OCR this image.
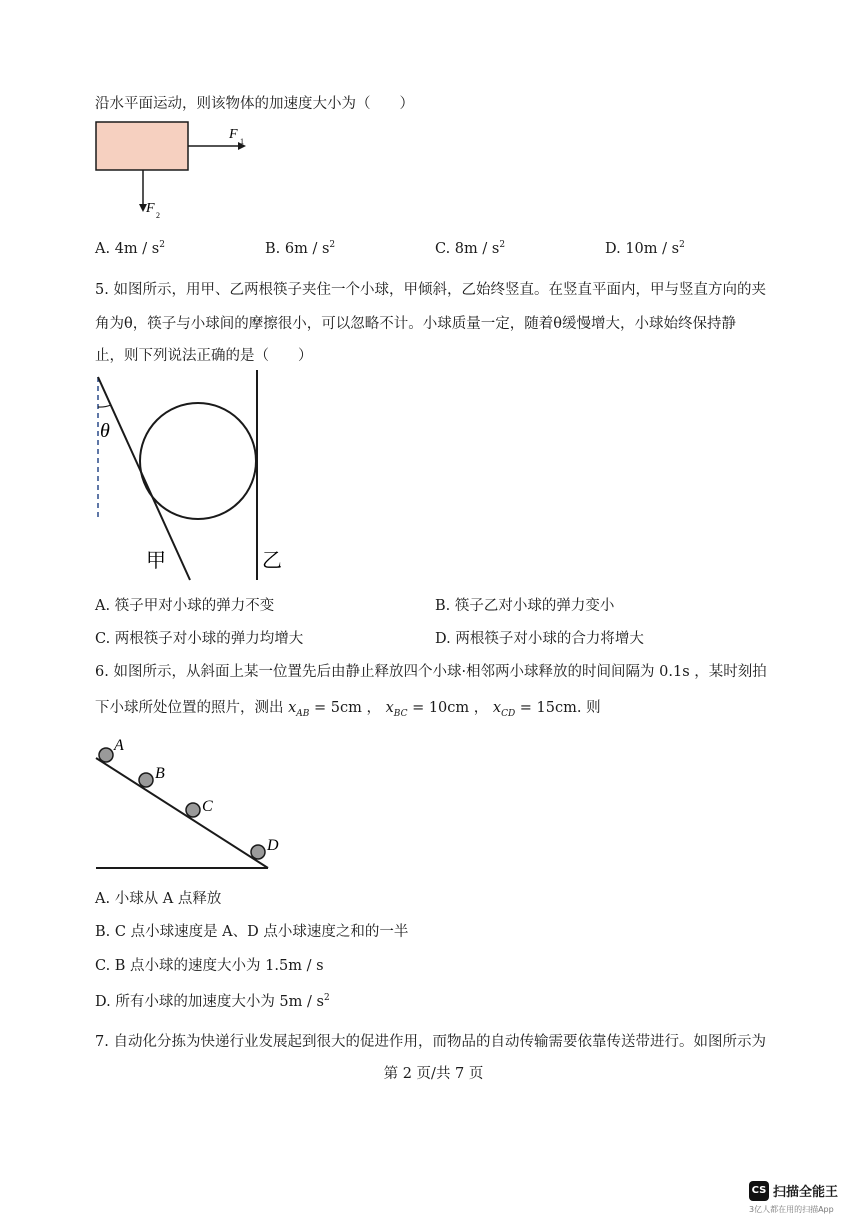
沿水平面运动，则该物体的加速度大小为（　　）
F 1
F 2
A. $4m / s^2$	B. $6m / s^2$	C. $8m / s^2$	D. $10m / s^2$
5. 如图所示，用甲、乙两根筷子夹住一个小球，甲倾斜，乙始终竖直。在竖直平面内，甲与竖直方向的夹
角为θ，筷子与小球间的摩擦很小，可以忽略不计。小球质量一定，随着θ缓慢增大，小球始终保持静
止，则下列说法正确的是（　　）
θ
甲	乙
A. 筷子甲对小球的弹力不变	B. 筷子乙对小球的弹力变小
C. 两根筷子对小球的弹力均增大	D. 两根筷子对小球的合力将增大
6. 如图所示，从斜面上某一位置先后由静止释放四个小球·相邻两小球释放的时间间隔为 0.1s ，某时刻拍
下小球所处位置的照片，测出 $x_{AB} = 5cm$ ， $x_{BC} = 10cm$ ， $x_{CD} = 15cm$. 则
A
B
C
D
A. 小球从 A 点释放
B. C 点小球速度是 A、D 点小球速度之和的一半
C. B 点小球的速度大小为 1.5m / s
D. 所有小球的加速度大小为 $5m / s^2$
7. 自动化分拣为快递行业发展起到很大的促进作用，而物品的自动传输需要依靠传送带进行。如图所示为
第 2 页/共 7 页
CS 扫描全能王
3亿人都在用的扫描App
